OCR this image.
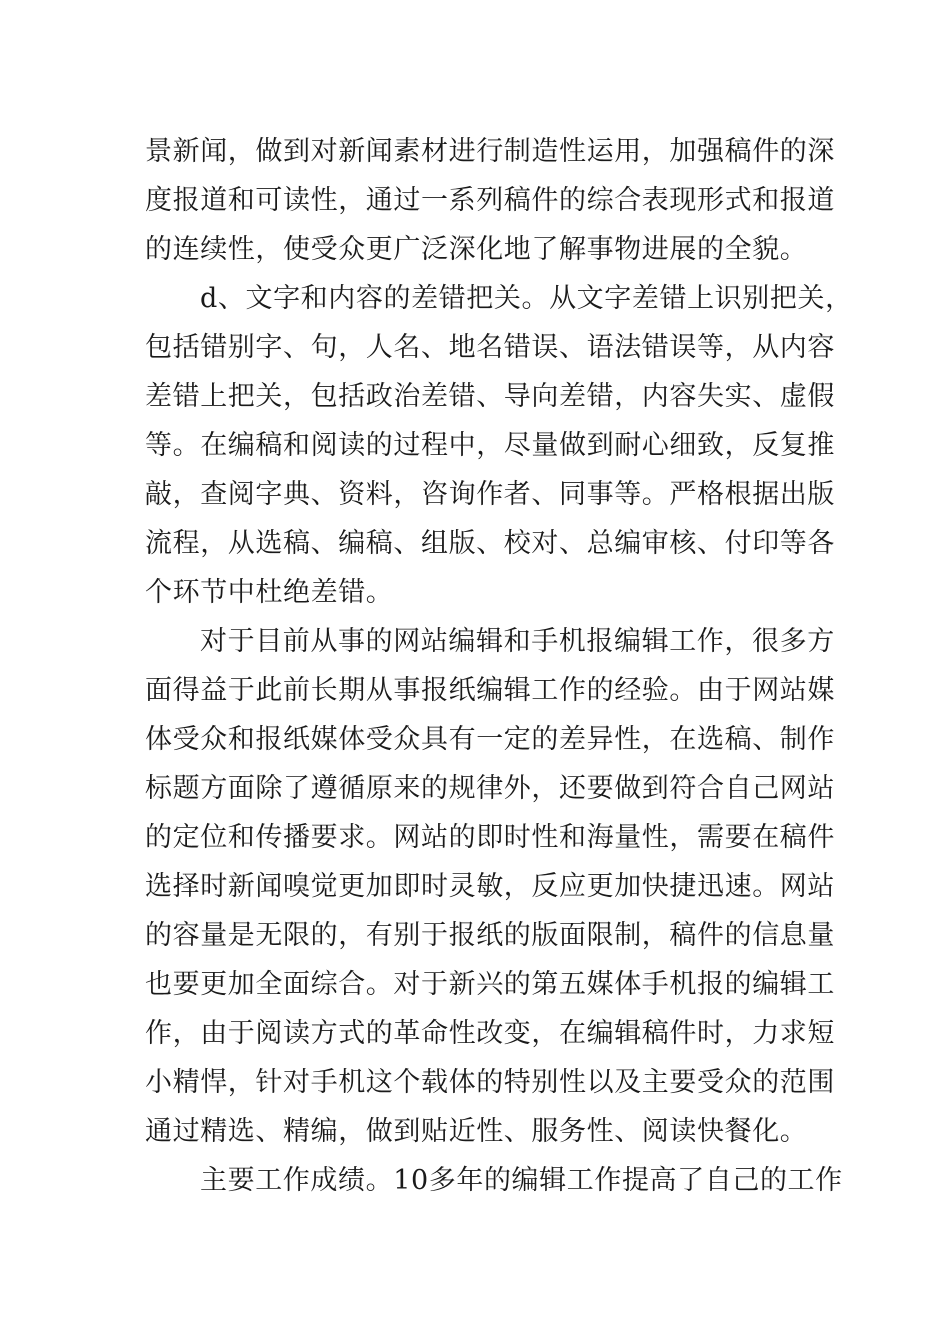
景新闻，做到对新闻素材进行制造性运用，加强稿件的深
度报道和可读性，通过一系列稿件的综合表现形式和报道
的连续性，使受众更广泛深化地了解事物进展的全貌。
d、文字和内容的差错把关。从文字差错上识别把关，
包括错别字、句，人名、地名错误、语法错误等，从内容
差错上把关，包括政治差错、导向差错，内容失实、虚假
等。在编稿和阅读的过程中，尽量做到耐心细致，反复推
敲，查阅字典、资料，咨询作者、同事等。严格根据出版
流程，从选稿、编稿、组版、校对、总编审核、付印等各
个环节中杜绝差错。
对于目前从事的网站编辑和手机报编辑工作，很多方
面得益于此前长期从事报纸编辑工作的经验。由于网站媒
体受众和报纸媒体受众具有一定的差异性，在选稿、制作
标题方面除了遵循原来的规律外，还要做到符合自己网站
的定位和传播要求。网站的即时性和海量性，需要在稿件
选择时新闻嗅觉更加即时灵敏，反应更加快捷迅速。网站
的容量是无限的，有别于报纸的版面限制，稿件的信息量
也要更加全面综合。对于新兴的第五媒体手机报的编辑工
作，由于阅读方式的革命性改变，在编辑稿件时，力求短
小精悍，针对手机这个载体的特别性以及主要受众的范围
通过精选、精编，做到贴近性、服务性、阅读快餐化。
主要工作成绩。10多年的编辑工作提高了自己的工作
